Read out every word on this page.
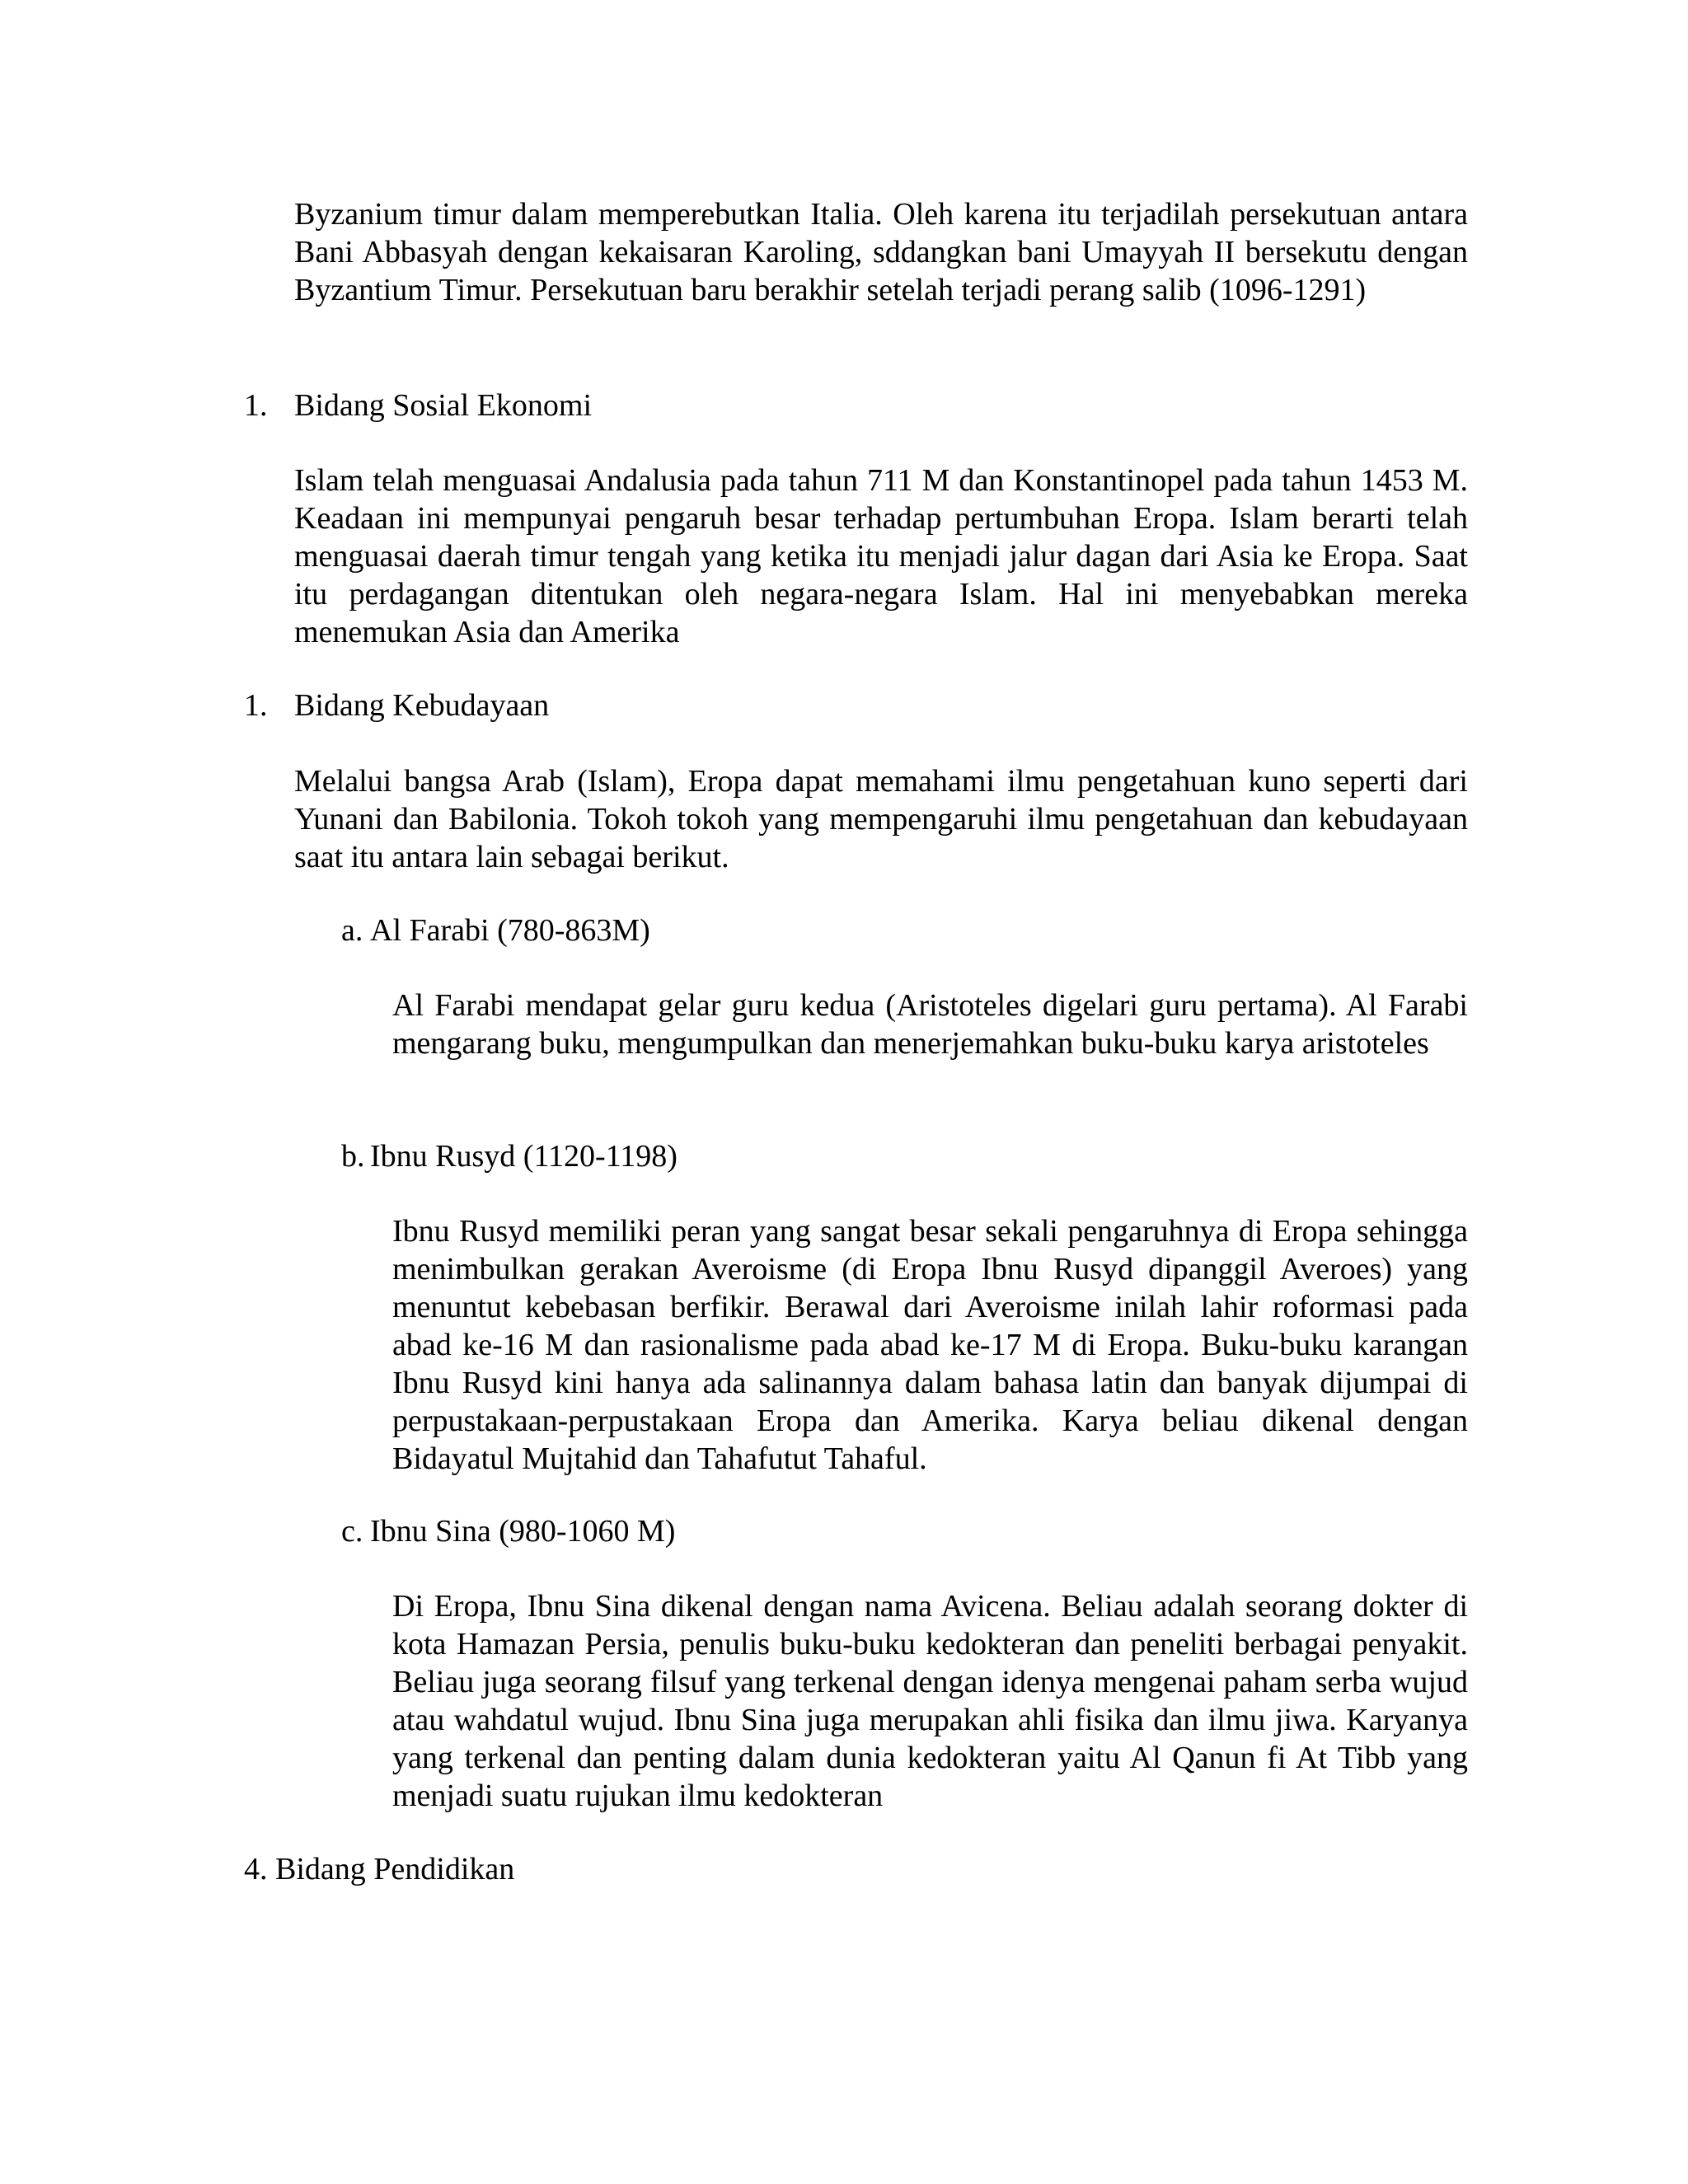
Byzanium timur dalam memperebutkan Italia. Oleh karena itu terjadilah persekutuan antara Bani Abbasyah dengan kekaisaran Karoling, sddangkan bani Umayyah II bersekutu dengan Byzantium Timur. Persekutuan baru berakhir setelah terjadi perang salib (1096-1291)

1. Bidang Sosial Ekonomi

Islam telah menguasai Andalusia pada tahun 711 M dan Konstantinopel pada tahun 1453 M. Keadaan ini mempunyai pengaruh besar terhadap pertumbuhan Eropa. Islam berarti telah menguasai daerah timur tengah yang ketika itu menjadi jalur dagan dari Asia ke Eropa. Saat itu perdagangan ditentukan oleh negara-negara Islam. Hal ini menyebabkan mereka menemukan Asia dan Amerika

1. Bidang Kebudayaan

Melalui bangsa Arab (Islam), Eropa dapat memahami ilmu pengetahuan kuno seperti dari Yunani dan Babilonia. Tokoh tokoh yang mempengaruhi ilmu pengetahuan dan kebudayaan saat itu antara lain sebagai berikut.

a. Al Farabi (780-863M)

Al Farabi mendapat gelar guru kedua (Aristoteles digelari guru pertama). Al Farabi mengarang buku, mengumpulkan dan menerjemahkan buku-buku karya aristoteles

b. Ibnu Rusyd (1120-1198)

Ibnu Rusyd memiliki peran yang sangat besar sekali pengaruhnya di Eropa sehingga menimbulkan gerakan Averoisme (di Eropa Ibnu Rusyd dipanggil Averoes) yang menuntut kebebasan berfikir. Berawal dari Averoisme inilah lahir roformasi pada abad ke-16 M dan rasionalisme pada abad ke-17 M di Eropa. Buku-buku karangan Ibnu Rusyd kini hanya ada salinannya dalam bahasa latin dan banyak dijumpai di perpustakaan-perpustakaan Eropa dan Amerika. Karya beliau dikenal dengan Bidayatul Mujtahid dan Tahafutut Tahaful.

c. Ibnu Sina (980-1060 M)

Di Eropa, Ibnu Sina dikenal dengan nama Avicena. Beliau adalah seorang dokter di kota Hamazan Persia, penulis buku-buku kedokteran dan peneliti berbagai penyakit. Beliau juga seorang filsuf yang terkenal dengan idenya mengenai paham serba wujud atau wahdatul wujud. Ibnu Sina juga merupakan ahli fisika dan ilmu jiwa. Karyanya yang terkenal dan penting dalam dunia kedokteran yaitu Al Qanun fi At Tibb yang menjadi suatu rujukan ilmu kedokteran

4. Bidang Pendidikan
